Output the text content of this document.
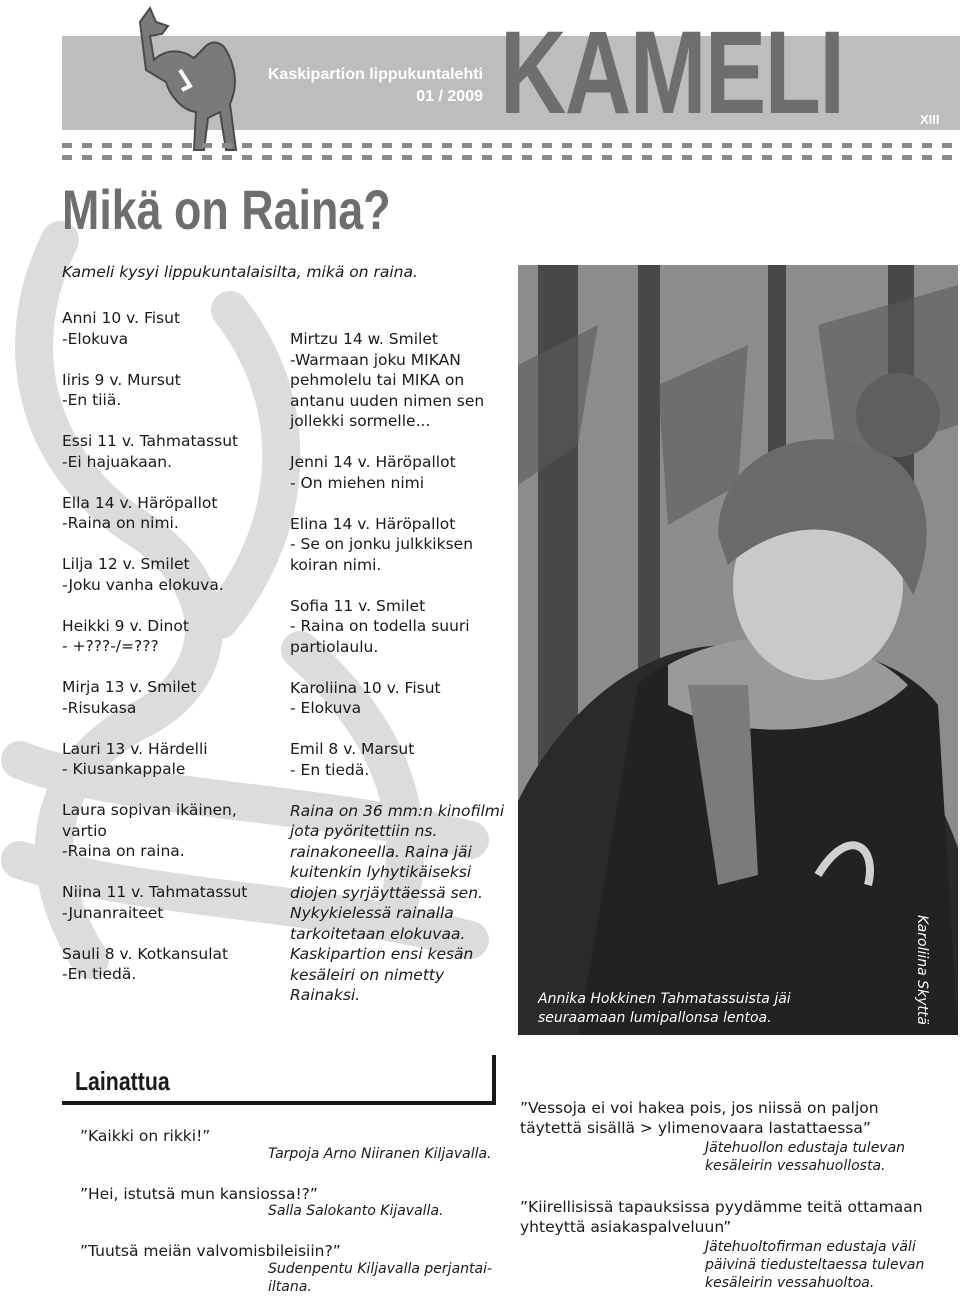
Kaskipartion lippukuntalehti
01 / 2009 KAMELI	XIII
Mikä on Raina?
Kameli kysyi lippukuntalaisilta, mikä on raina.

Anni 10 v. Fisut

-Elokuva

Iiris 9 v. Mursut

-En tiiä.

Essi 11 v. Tahmatassut

-Ei hajuakaan.

Ella 14 v. Häröpallot

-Raina on nimi.

Lilja 12 v. Smilet

-Joku vanha elokuva.

Heikki 9 v. Dinot

- +???-/=???

Mirja 13 v. Smilet

-Risukasa

Lauri 13 v. Härdelli

- Kiusankappale

Laura sopivan ikäinen, vartio

-Raina on raina.

Niina 11 v. Tahmatassut

-Junanraiteet

Sauli 8 v. Kotkansulat

-En tiedä.

Mirtzu 14 w. Smilet

-Warmaan joku MIKAN pehmolelu tai MIKA on antanu uuden nimen sen jollekki sormelle...

Jenni 14 v. Häröpallot

- On miehen nimi

Elina 14 v. Häröpallot

- Se on jonku julkkiksen koiran nimi.

Sofia 11 v. Smilet

- Raina on todella suuri partiolaulu.

Karoliina 10 v. Fisut

- Elokuva

Emil 8 v. Marsut

- En tiedä.

Raina on 36 mm:n kinofilmi jota pyöritettiin ns. rainakoneella. Raina jäi kuitenkin lyhytikäiseksi diojen syrjäyttäessä sen. Nykykielessä rainalla tarkoitetaan elokuvaa. Kaskipartion ensi kesän kesäleiri on nimetty Rainaksi.	Annika Hokkinen Tahmatassuista jäi seuraamaan lumipallonsa lentoa.	Karoliina Skyttä
Lainattua
”Kaikki on rikki!”
Tarpoja Arno Niiranen Kiljavalla.
”Hei, istutsä mun kansiossa!?”
Salla Salokanto Kijavalla.
”Tuutsä meiän valvomisbileisiin?”
Sudenpentu Kiljavalla perjantai-iltana.
”Vessoja ei voi hakea pois, jos niissä on paljon täytettä sisällä > ylimenovaara lastattaessa”
Jätehuollon edustaja tulevan kesäleirin vessahuollosta.
”Kiirellisissä tapauksissa pyydämme teitä ottamaan yhteyttä asiakaspalveluun”
Jätehuoltofirman edustaja väli päivinä tiedusteltaessa tulevan kesäleirin vessahuoltoa.
